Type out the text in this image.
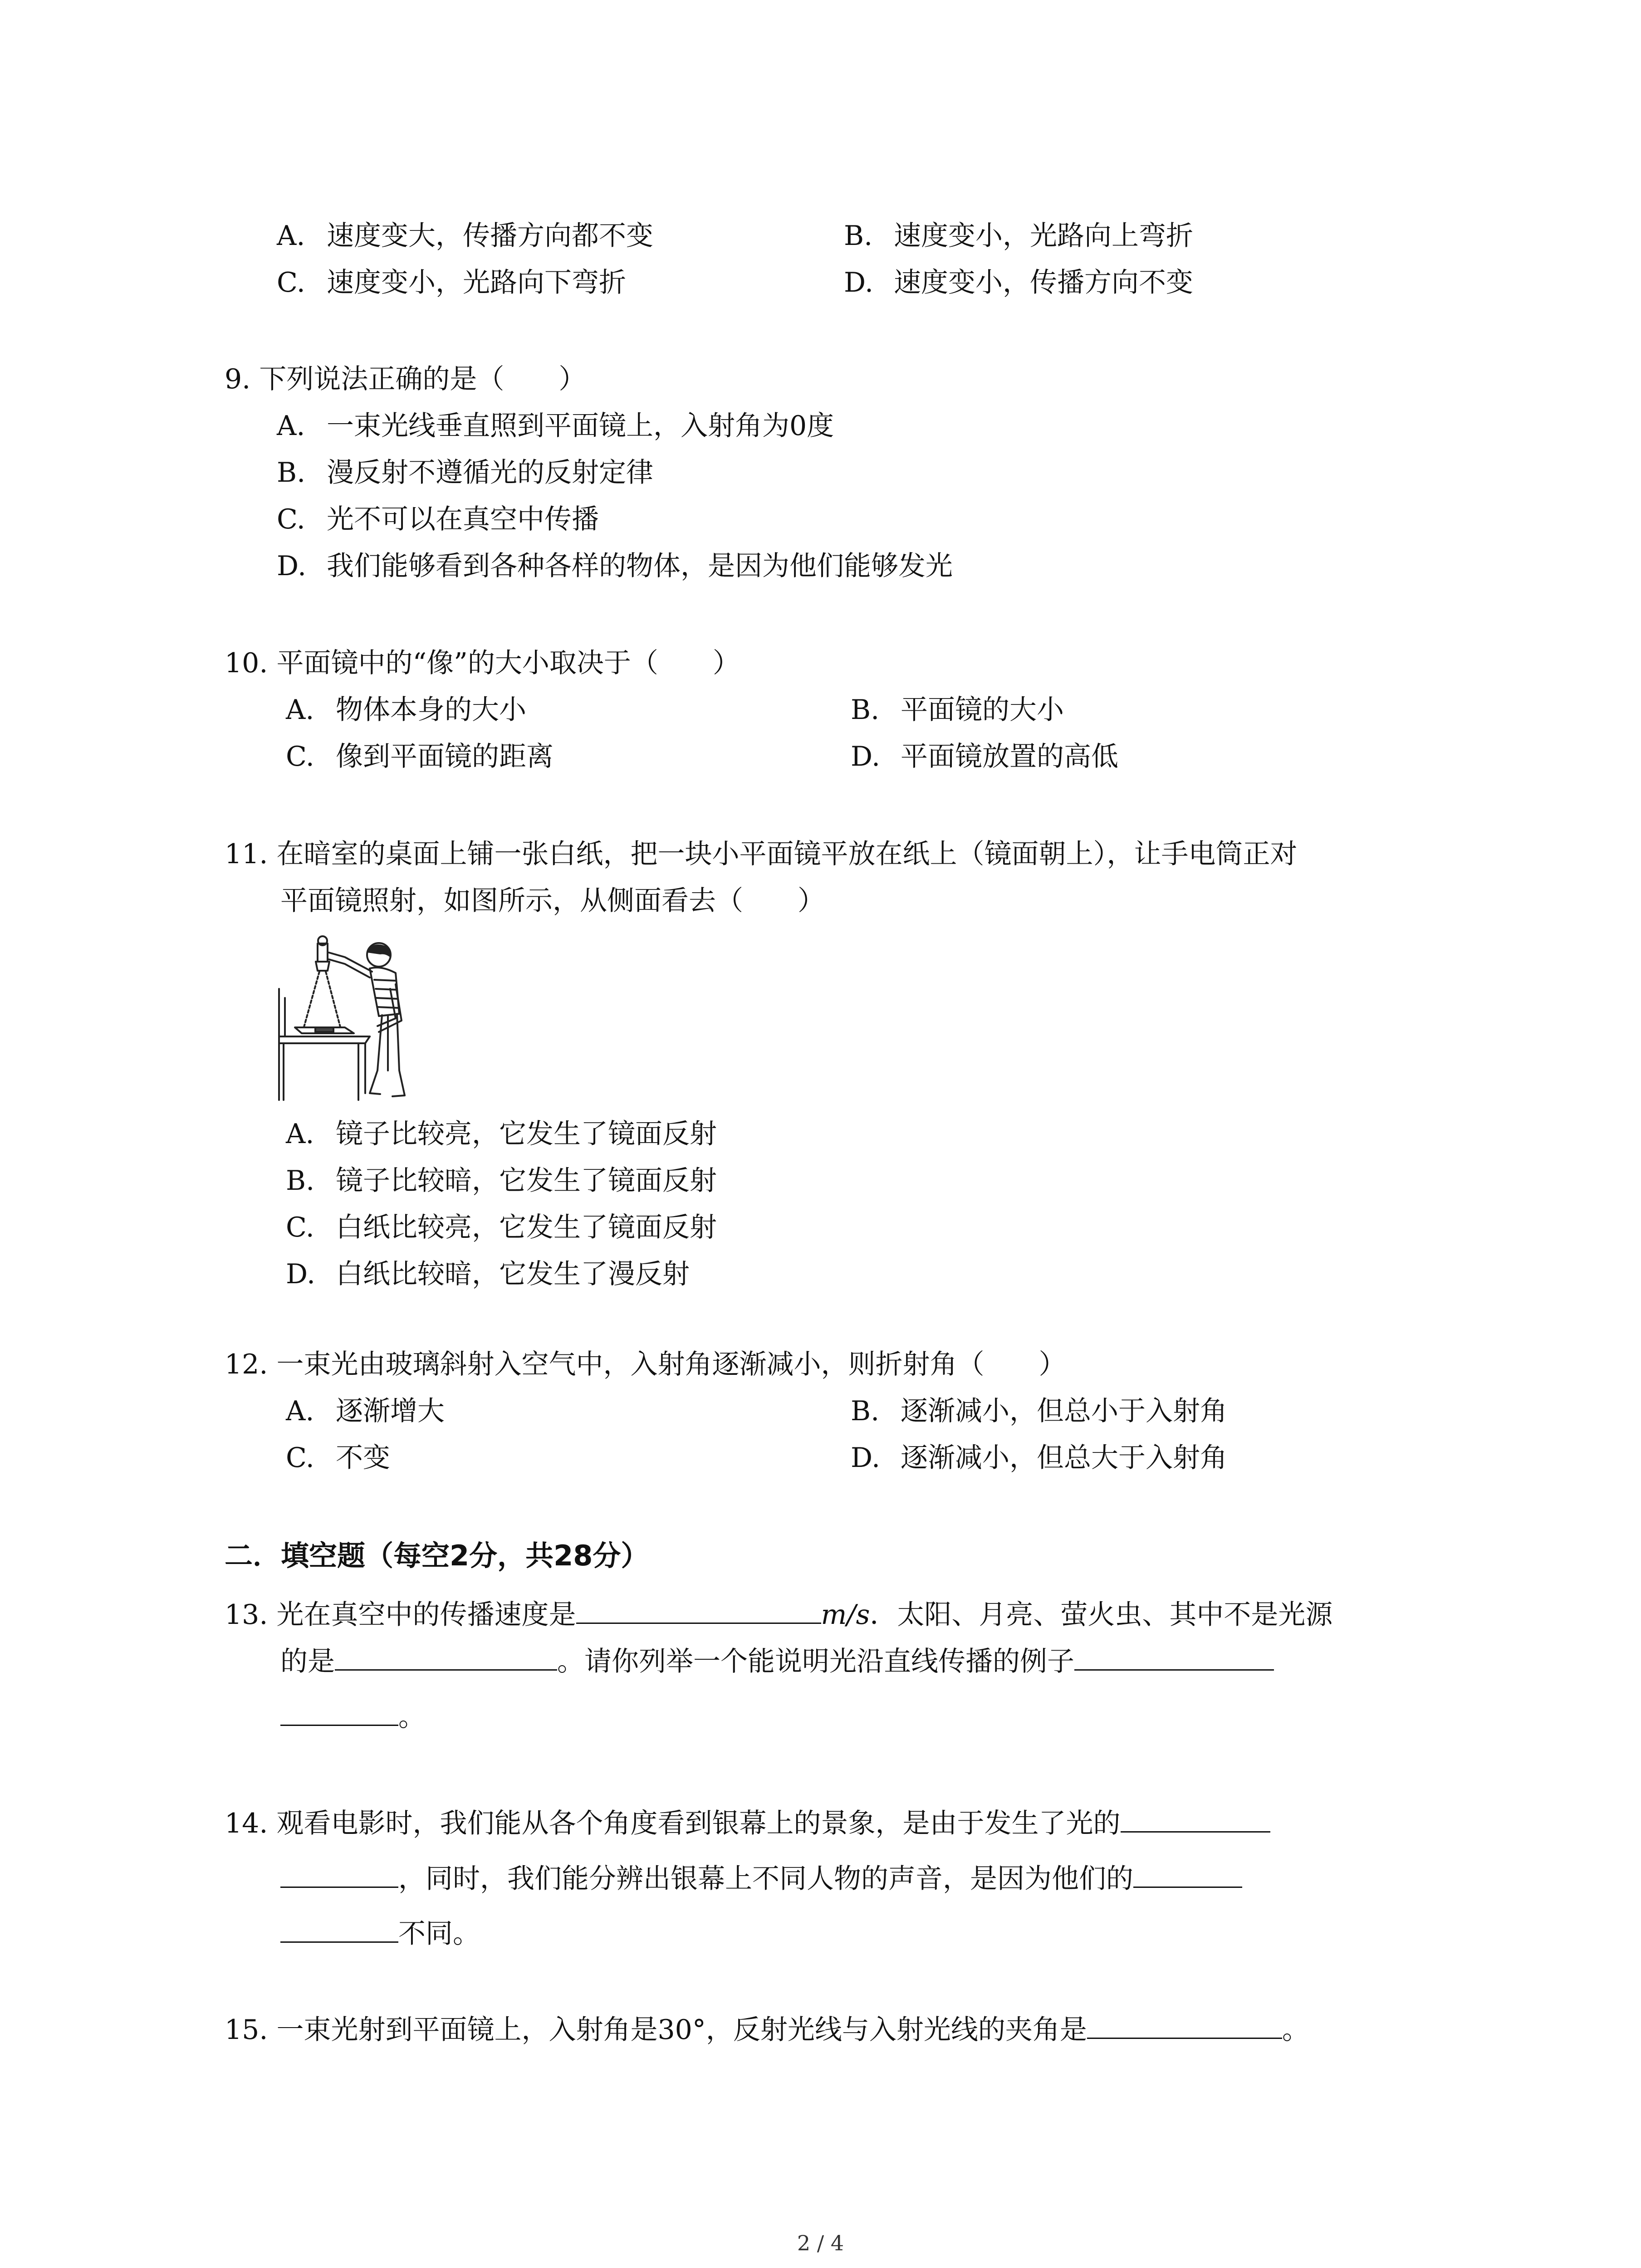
A. 速度变大，传播方向都不变	B. 速度变小，光路向上弯折
C. 速度变小，光路向下弯折	D. 速度变小，传播方向不变
9. 下列说法正确的是（　　）
A. 一束光线垂直照到平面镜上，入射角为0度
B. 漫反射不遵循光的反射定律
C. 光不可以在真空中传播
D. 我们能够看到各种各样的物体，是因为他们能够发光
10. 平面镜中的“像”的大小取决于（　　）
A. 物体本身的大小	B. 平面镜的大小
C. 像到平面镜的距离	D. 平面镜放置的高低
11. 在暗室的桌面上铺一张白纸，把一块小平面镜平放在纸上（镜面朝上），让手电筒正对
平面镜照射，如图所示，从侧面看去（　　）
A. 镜子比较亮，它发生了镜面反射
B. 镜子比较暗，它发生了镜面反射
C. 白纸比较亮，它发生了镜面反射
D. 白纸比较暗，它发生了漫反射
12. 一束光由玻璃斜射入空气中，入射角逐渐减小，则折射角（　　）
A. 逐渐增大	B. 逐渐减小，但总小于入射角
C. 不变	D. 逐渐减小，但总大于入射角
二．填空题（每空2分，共28分）
13. 光在真空中的传播速度是	m/s．太阳、月亮、萤火虫、其中不是光源
的是	。请你列举一个能说明光沿直线传播的例子
。
14. 观看电影时，我们能从各个角度看到银幕上的景象，是由于发生了光的
，同时，我们能分辨出银幕上不同人物的声音，是因为他们的
不同。
15. 一束光射到平面镜上，入射角是30°，反射光线与入射光线的夹角是	。
2 / 4
